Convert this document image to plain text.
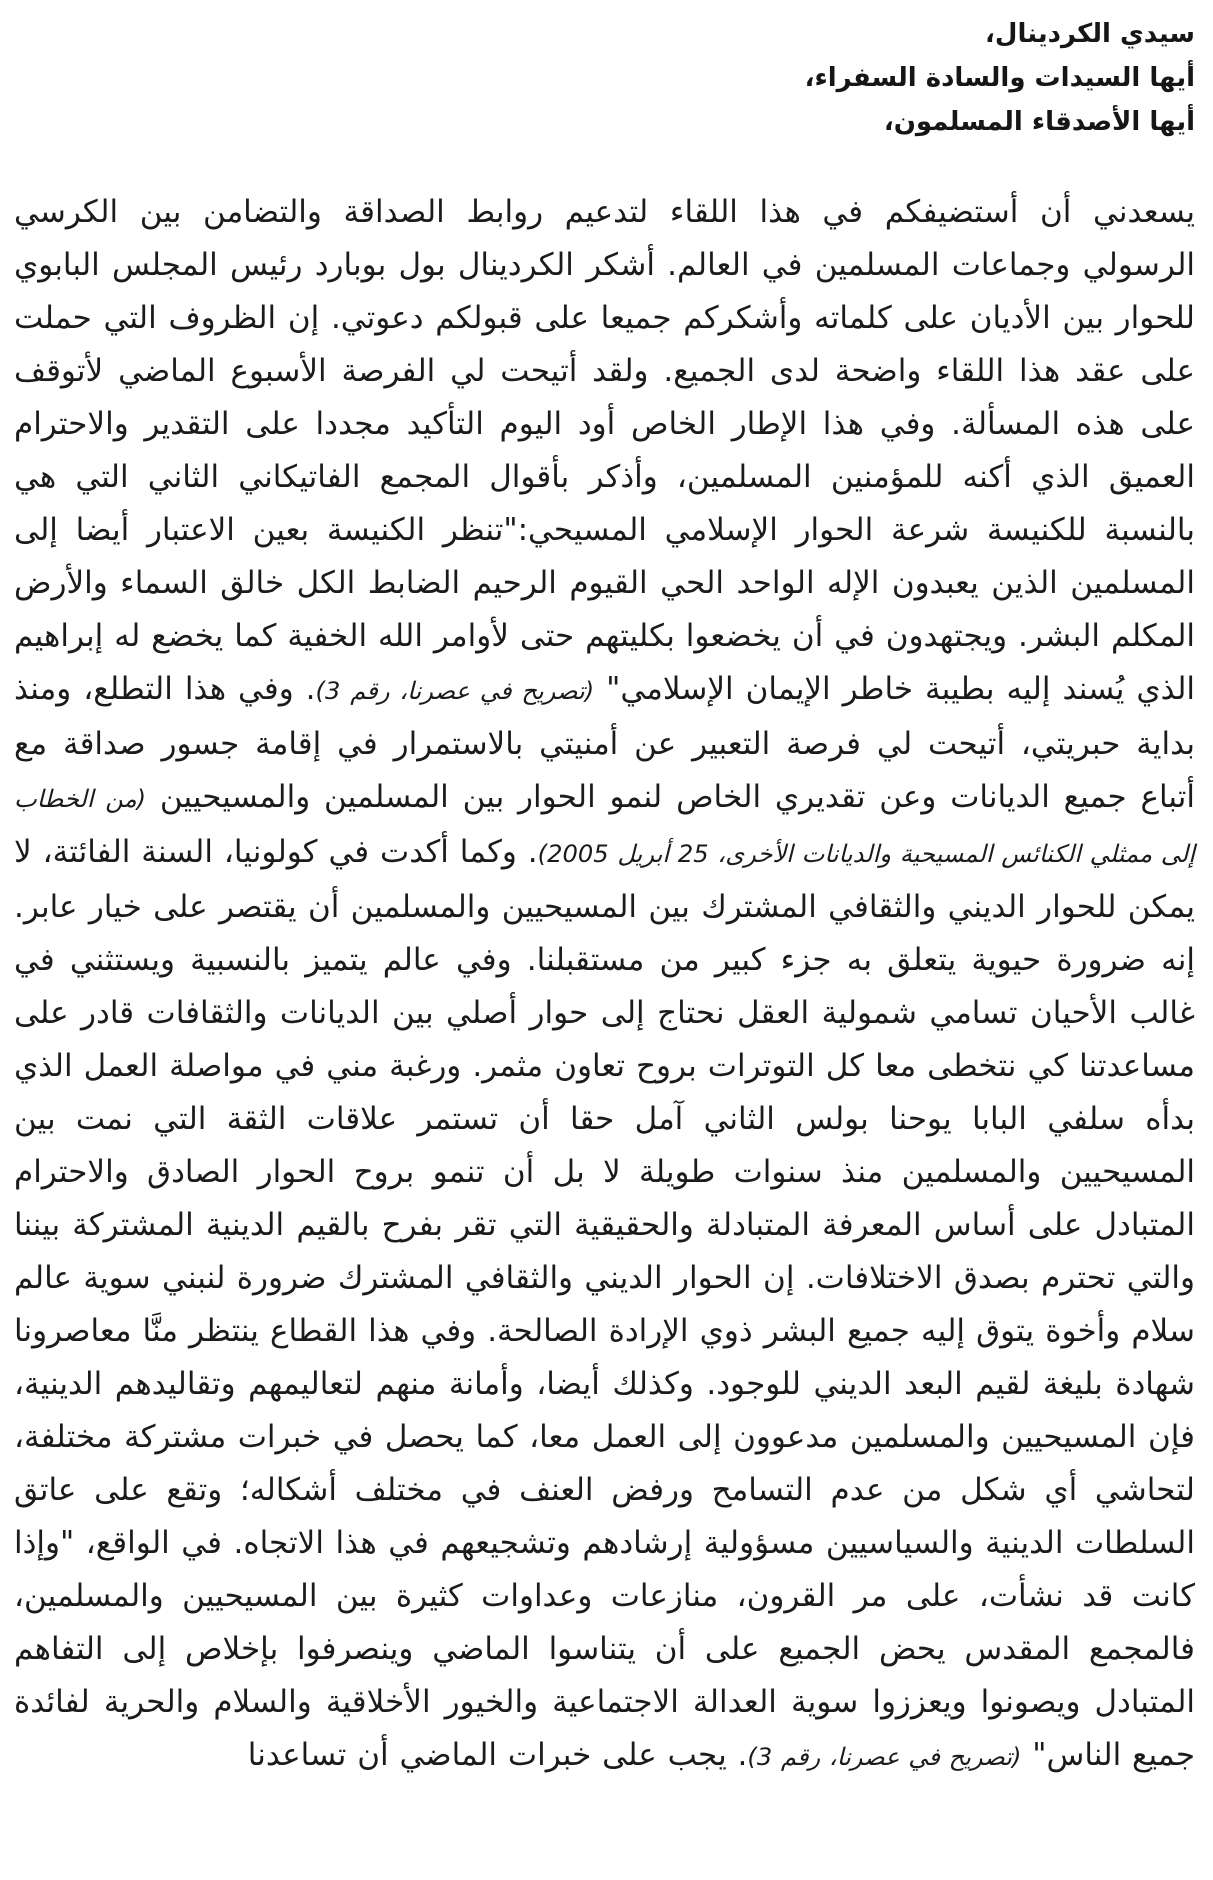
سيدي الكردينال،
أيها السيدات والسادة السفراء،
أيها الأصدقاء المسلمون،

يسعدني أن أستضيفكم في هذا اللقاء لتدعيم روابط الصداقة والتضامن بين الكرسي الرسولي وجماعات المسلمين في العالم. أشكر الكردينال بول بوبارد رئيس المجلس البابوي للحوار بين الأديان على كلماته وأشكركم جميعا على قبولكم دعوتي. إن الظروف التي حملت على عقد هذا اللقاء واضحة لدى الجميع. ولقد أتيحت لي الفرصة الأسبوع الماضي لأتوقف على هذه المسألة. وفي هذا الإطار الخاص أود اليوم التأكيد مجددا على التقدير والاحترام العميق الذي أكنه للمؤمنين المسلمين، وأذكر بأقوال المجمع الفاتيكاني الثاني التي هي بالنسبة للكنيسة شرعة الحوار الإسلامي المسيحي:"تنظر الكنيسة بعين الاعتبار أيضا إلى المسلمين الذين يعبدون الإله الواحد الحي القيوم الرحيم الضابط الكل خالق السماء والأرض المكلم البشر. ويجتهدون في أن يخضعوا بكليتهم حتى لأوامر الله الخفية كما يخضع له إبراهيم الذي يُسند إليه بطيبة خاطر الإيمان الإسلامي" (تصريح في عصرنا، رقم 3). وفي هذا التطلع، ومنذ بداية حبريتي، أتيحت لي فرصة التعبير عن أمنيتي بالاستمرار في إقامة جسور صداقة مع أتباع جميع الديانات وعن تقديري الخاص لنمو الحوار بين المسلمين والمسيحيين (من الخطاب إلى ممثلي الكنائس المسيحية والديانات الأخرى، 25 أبريل 2005). وكما أكدت في كولونيا، السنة الفائتة، لا يمكن للحوار الديني والثقافي المشترك بين المسيحيين والمسلمين أن يقتصر على خيار عابر. إنه ضرورة حيوية يتعلق به جزء كبير من مستقبلنا. وفي عالم يتميز بالنسبية ويستثني في غالب الأحيان تسامي شمولية العقل نحتاج إلى حوار أصلي بين الديانات والثقافات قادر على مساعدتنا كي نتخطى معا كل التوترات بروح تعاون مثمر. ورغبة مني في مواصلة العمل الذي بدأه سلفي البابا يوحنا بولس الثاني آمل حقا أن تستمر علاقات الثقة التي نمت بين المسيحيين والمسلمين منذ سنوات طويلة لا بل أن تنمو بروح الحوار الصادق والاحترام المتبادل على أساس المعرفة المتبادلة والحقيقية التي تقر بفرح بالقيم الدينية المشتركة بيننا والتي تحترم بصدق الاختلافات. إن الحوار الديني والثقافي المشترك ضرورة لنبني سوية عالم سلام وأخوة يتوق إليه جميع البشر ذوي الإرادة الصالحة. وفي هذا القطاع ينتظر منَّا معاصرونا شهادة بليغة لقيم البعد الديني للوجود. وكذلك أيضا، وأمانة منهم لتعاليمهم وتقاليدهم الدينية، فإن المسيحيين والمسلمين مدعوون إلى العمل معا، كما يحصل في خبرات مشتركة مختلفة، لتحاشي أي شكل من عدم التسامح ورفض العنف في مختلف أشكاله؛ وتقع على عاتق السلطات الدينية والسياسيين مسؤولية إرشادهم وتشجيعهم في هذا الاتجاه. في الواقع، "وإذا كانت قد نشأت، على مر القرون، منازعات وعداوات كثيرة بين المسيحيين والمسلمين، فالمجمع المقدس يحض الجميع على أن يتناسوا الماضي وينصرفوا بإخلاص إلى التفاهم المتبادل ويصونوا ويعززوا سوية العدالة الاجتماعية والخيور الأخلاقية والسلام والحرية لفائدة جميع الناس" (تصريح في عصرنا، رقم 3). يجب على خبرات الماضي أن تساعدنا
